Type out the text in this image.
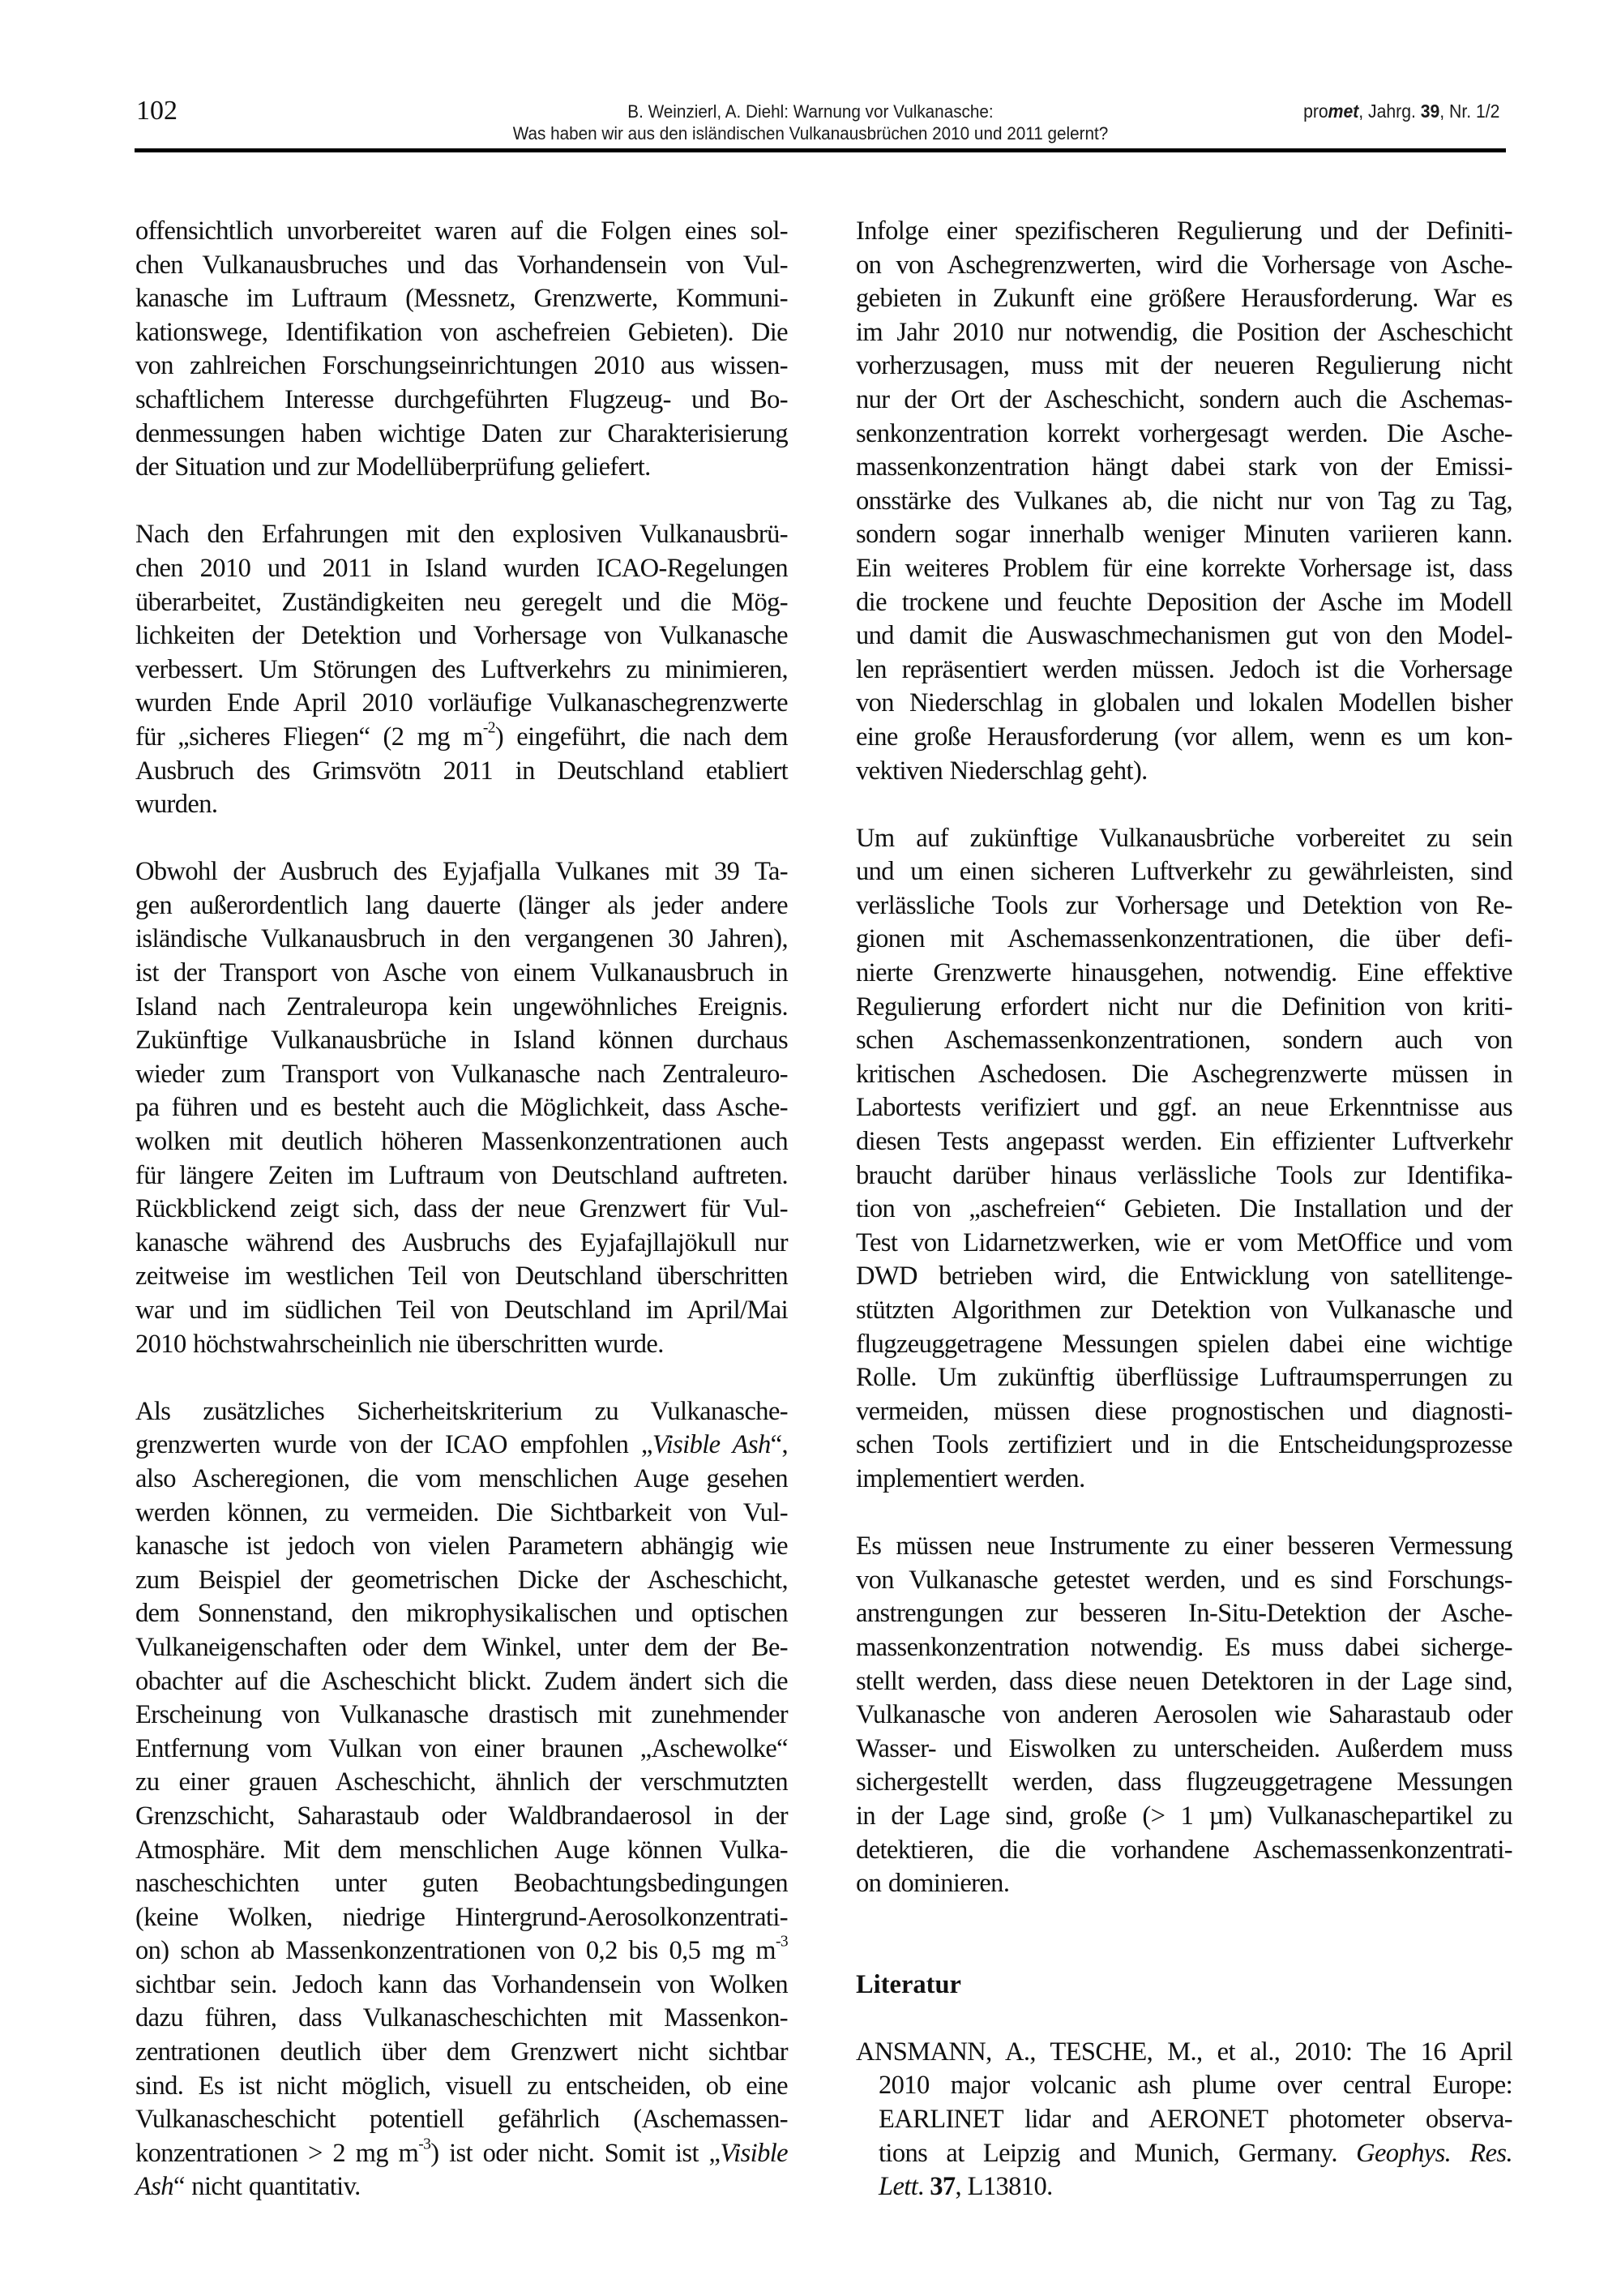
102	B. Weinzierl, A. Diehl: Warnung vor Vulkanasche:
Was haben wir aus den isländischen Vulkanausbrüchen 2010 und 2011 gelernt?
promet, Jahrg. 39, Nr. 1/2
offensichtlich unvorbereitet waren auf die Folgen eines sol-
chen Vulkanausbruches und das Vorhandensein von Vul-
kanasche im Luftraum (Messnetz, Grenzwerte, Kommuni-
kationswege, Identifikation von aschefreien Gebieten). Die
von zahlreichen Forschungseinrichtungen 2010 aus wissen-
schaftlichem Interesse durchgeführten Flugzeug- und Bo-
denmessungen haben wichtige Daten zur Charakterisierung
der Situation und zur Modellüberprüfung geliefert.
Nach den Erfahrungen mit den explosiven Vulkanausbrü-
chen 2010 und 2011 in Island wurden ICAO-Regelungen
überarbeitet, Zuständigkeiten neu geregelt und die Mög-
lichkeiten der Detektion und Vorhersage von Vulkanasche
verbessert. Um Störungen des Luftverkehrs zu minimieren,
wurden Ende April 2010 vorläufige Vulkanaschegrenzwerte
für „sicheres Fliegen“ (2 mg $m^{-2}$) eingeführt, die nach dem
Ausbruch des Grimsvötn 2011 in Deutschland etabliert
wurden.
Obwohl der Ausbruch des Eyjafjalla Vulkanes mit 39 Ta-
gen außerordentlich lang dauerte (länger als jeder andere
isländische Vulkanausbruch in den vergangenen 30 Jahren),
ist der Transport von Asche von einem Vulkanausbruch in
Island nach Zentraleuropa kein ungewöhnliches Ereignis.
Zukünftige Vulkanausbrüche in Island können durchaus
wieder zum Transport von Vulkanasche nach Zentraleuro-
pa führen und es besteht auch die Möglichkeit, dass Asche-
wolken mit deutlich höheren Massenkonzentrationen auch
für längere Zeiten im Luftraum von Deutschland auftreten.
Rückblickend zeigt sich, dass der neue Grenzwert für Vul-
kanasche während des Ausbruchs des Eyjafajllajökull nur
zeitweise im westlichen Teil von Deutschland überschritten
war und im südlichen Teil von Deutschland im April/Mai
2010 höchstwahrscheinlich nie überschritten wurde.
Als zusätzliches Sicherheitskriterium zu Vulkanasche-
grenzwerten wurde von der ICAO empfohlen „Visible Ash“,
also Ascheregionen, die vom menschlichen Auge gesehen
werden können, zu vermeiden. Die Sichtbarkeit von Vul-
kanasche ist jedoch von vielen Parametern abhängig wie
zum Beispiel der geometrischen Dicke der Ascheschicht,
dem Sonnenstand, den mikrophysikalischen und optischen
Vulkaneigenschaften oder dem Winkel, unter dem der Be-
obachter auf die Ascheschicht blickt. Zudem ändert sich die
Erscheinung von Vulkanasche drastisch mit zunehmender
Entfernung vom Vulkan von einer braunen „Aschewolke“
zu einer grauen Ascheschicht, ähnlich der verschmutzten
Grenzschicht, Saharastaub oder Waldbrandaerosol in der
Atmosphäre. Mit dem menschlichen Auge können Vulka-
nascheschichten unter guten Beobachtungsbedingungen
(keine Wolken, niedrige Hintergrund-Aerosolkonzentrati-
on) schon ab Massenkonzentrationen von 0,2 bis 0,5 mg $m^{-3}$
sichtbar sein. Jedoch kann das Vorhandensein von Wolken
dazu führen, dass Vulkanascheschichten mit Massenkon-
zentrationen deutlich über dem Grenzwert nicht sichtbar
sind. Es ist nicht möglich, visuell zu entscheiden, ob eine
Vulkanascheschicht potentiell gefährlich (Aschemassen-
konzentrationen > 2 mg $m^{-3}$) ist oder nicht. Somit ist „Visible
Ash“ nicht quantitativ.
Infolge einer spezifischeren Regulierung und der Definiti-
on von Aschegrenzwerten, wird die Vorhersage von Asche-
gebieten in Zukunft eine größere Herausforderung. War es
im Jahr 2010 nur notwendig, die Position der Ascheschicht
vorherzusagen, muss mit der neueren Regulierung nicht
nur der Ort der Ascheschicht, sondern auch die Aschemas-
senkonzentration korrekt vorhergesagt werden. Die Asche-
massenkonzentration hängt dabei stark von der Emissi-
onsstärke des Vulkanes ab, die nicht nur von Tag zu Tag,
sondern sogar innerhalb weniger Minuten variieren kann.
Ein weiteres Problem für eine korrekte Vorhersage ist, dass
die trockene und feuchte Deposition der Asche im Modell
und damit die Auswaschmechanismen gut von den Model-
len repräsentiert werden müssen. Jedoch ist die Vorhersage
von Niederschlag in globalen und lokalen Modellen bisher
eine große Herausforderung (vor allem, wenn es um kon-
vektiven Niederschlag geht).
Um auf zukünftige Vulkanausbrüche vorbereitet zu sein
und um einen sicheren Luftverkehr zu gewährleisten, sind
verlässliche Tools zur Vorhersage und Detektion von Re-
gionen mit Aschemassenkonzentrationen, die über defi-
nierte Grenzwerte hinausgehen, notwendig. Eine effektive
Regulierung erfordert nicht nur die Definition von kriti-
schen Aschemassenkonzentrationen, sondern auch von
kritischen Aschedosen. Die Aschegrenzwerte müssen in
Labortests verifiziert und ggf. an neue Erkenntnisse aus
diesen Tests angepasst werden. Ein effizienter Luftverkehr
braucht darüber hinaus verlässliche Tools zur Identifika-
tion von „aschefreien“ Gebieten. Die Installation und der
Test von Lidarnetzwerken, wie er vom MetOffice und vom
DWD betrieben wird, die Entwicklung von satellitenge-
stützten Algorithmen zur Detektion von Vulkanasche und
flugzeuggetragene Messungen spielen dabei eine wichtige
Rolle. Um zukünftig überflüssige Luftraumsperrungen zu
vermeiden, müssen diese prognostischen und diagnosti-
schen Tools zertifiziert und in die Entscheidungsprozesse
implementiert werden.
Es müssen neue Instrumente zu einer besseren Vermessung
von Vulkanasche getestet werden, und es sind Forschungs-
anstrengungen zur besseren In-Situ-Detektion der Asche-
massenkonzentration notwendig. Es muss dabei sicherge-
stellt werden, dass diese neuen Detektoren in der Lage sind,
Vulkanasche von anderen Aerosolen wie Saharastaub oder
Wasser- und Eiswolken zu unterscheiden. Außerdem muss
sichergestellt werden, dass flugzeuggetragene Messungen
in der Lage sind, große (> 1 µm) Vulkanaschepartikel zu
detektieren, die die vorhandene Aschemassenkonzentrati-
on dominieren.
Literatur
ANSMANN, A., TESCHE, M., et al., 2010: The 16 April
2010 major volcanic ash plume over central Europe:
EARLINET lidar and AERONET photometer observa-
tions at Leipzig and Munich, Germany. Geophys. Res.
Lett. 37, L13810.
